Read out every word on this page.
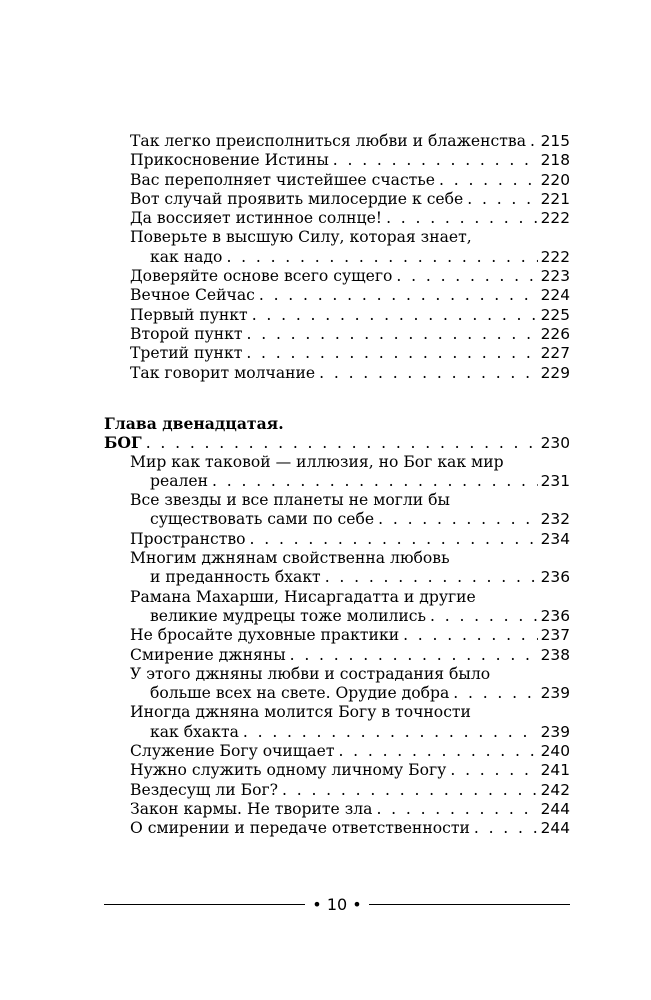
Так легко преисполниться любви и блаженства . . . 215
Прикосновение Истины . . .	218
Вас переполняет чистейшее счастье . . .	220
Вот случай проявить милосердие к себе . . .	221
Да воссияет истинное солнце! . . .	222
Поверьте в высшую Силу, которая знает,
как надо . . .	222
Доверяйте основе всего сущего . . .	223
Вечное Сейчас . . .	224
Первый пункт . . .	225
Второй пункт . . .	226
Третий пункт . . .	227
Так говорит молчание . . .	229
Глава двенадцатая.
БОГ . . .	230
Мир как таковой — иллюзия, но Бог как мир
реален . . .	231
Все звезды и все планеты не могли бы
существовать сами по себе . . .	232
Пространство . . .	234
Многим джнянам свойственна любовь
и преданность бхакт . . .	236
Рамана Махарши, Нисаргадатта и другие
великие мудрецы тоже молились . . .	236
Не бросайте духовные практики . . .	237
Смирение джняны . . .	238
У этого джняны любви и сострадания было
больше всех на свете. Орудие добра . . .	239
Иногда джняна молится Богу в точности
как бхакта . . .	239
Служение Богу очищает . . .	240
Нужно служить одному личному Богу . . .	241
Вездесущ ли Бог? . . .	242
Закон кармы. Не творите зла . . .	244
О смирении и передаче ответственности . . .	244
• 10 •
